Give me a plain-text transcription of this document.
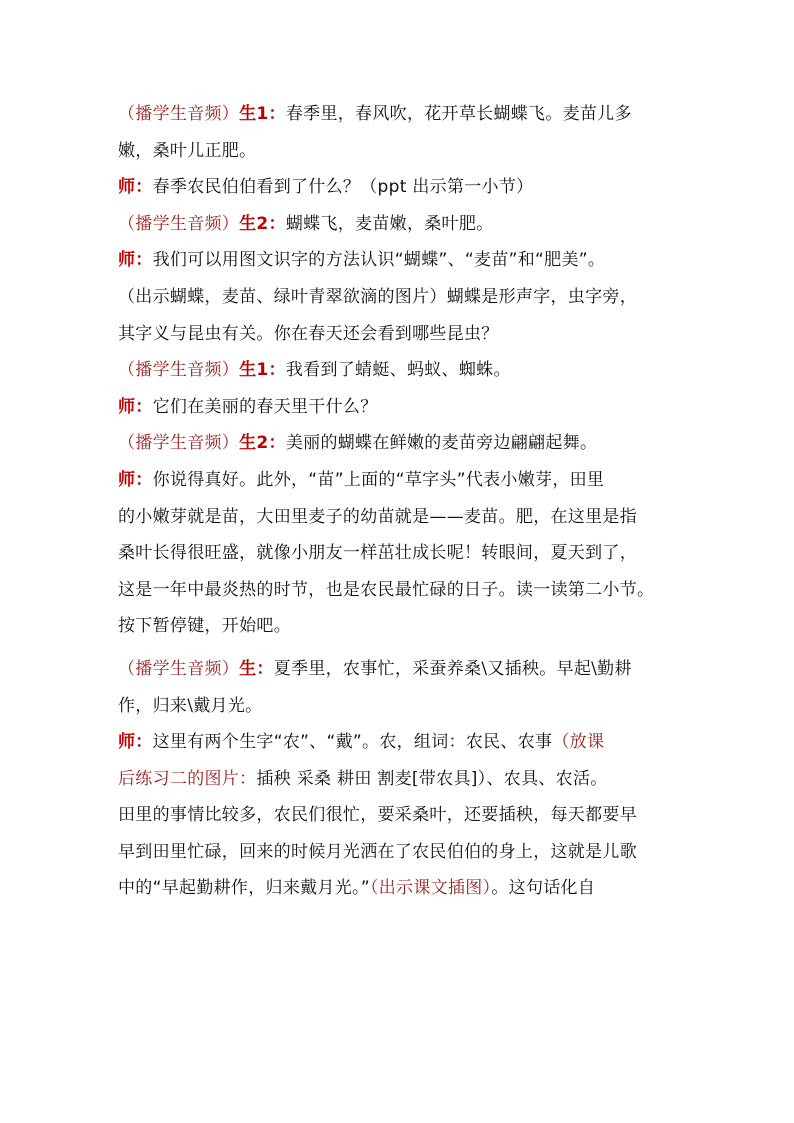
（播学生音频）生1：春季里，春风吹，花开草长蝴蝶飞。麦苗儿多
嫩，桑叶儿正肥。
师：春季农民伯伯看到了什么？（ppt 出示第一小节）
（播学生音频）生2：蝴蝶飞，麦苗嫩，桑叶肥。
师：我们可以用图文识字的方法认识“蝴蝶”、“麦苗”和“肥美”。
（出示蝴蝶，麦苗、绿叶青翠欲滴的图片）蝴蝶是形声字，虫字旁，
其字义与昆虫有关。你在春天还会看到哪些昆虫？
（播学生音频）生1：我看到了蜻蜓、蚂蚁、蜘蛛。
师：它们在美丽的春天里干什么？
（播学生音频）生2：美丽的蝴蝶在鲜嫩的麦苗旁边翩翩起舞。
师：你说得真好。此外，“苗”上面的“草字头”代表小嫩芽，田里
的小嫩芽就是苗，大田里麦子的幼苗就是——麦苗。肥，在这里是指
桑叶长得很旺盛，就像小朋友一样茁壮成长呢！转眼间，夏天到了，
这是一年中最炎热的时节，也是农民最忙碌的日子。读一读第二小节。
按下暂停键，开始吧。
（播学生音频）生：夏季里，农事忙，采蚕养桑\又插秧。早起\勤耕
作，归来\戴月光。
师：这里有两个生字“农”、“戴”。农，组词：农民、农事（放课
后练习二的图片：插秧 采桑 耕田 割麦[带农具]）、农具、农活。
田里的事情比较多，农民们很忙，要采桑叶，还要插秧，每天都要早
早到田里忙碌，回来的时候月光洒在了农民伯伯的身上，这就是儿歌
中的“早起勤耕作，归来戴月光。”（出示课文插图）。这句话化自
